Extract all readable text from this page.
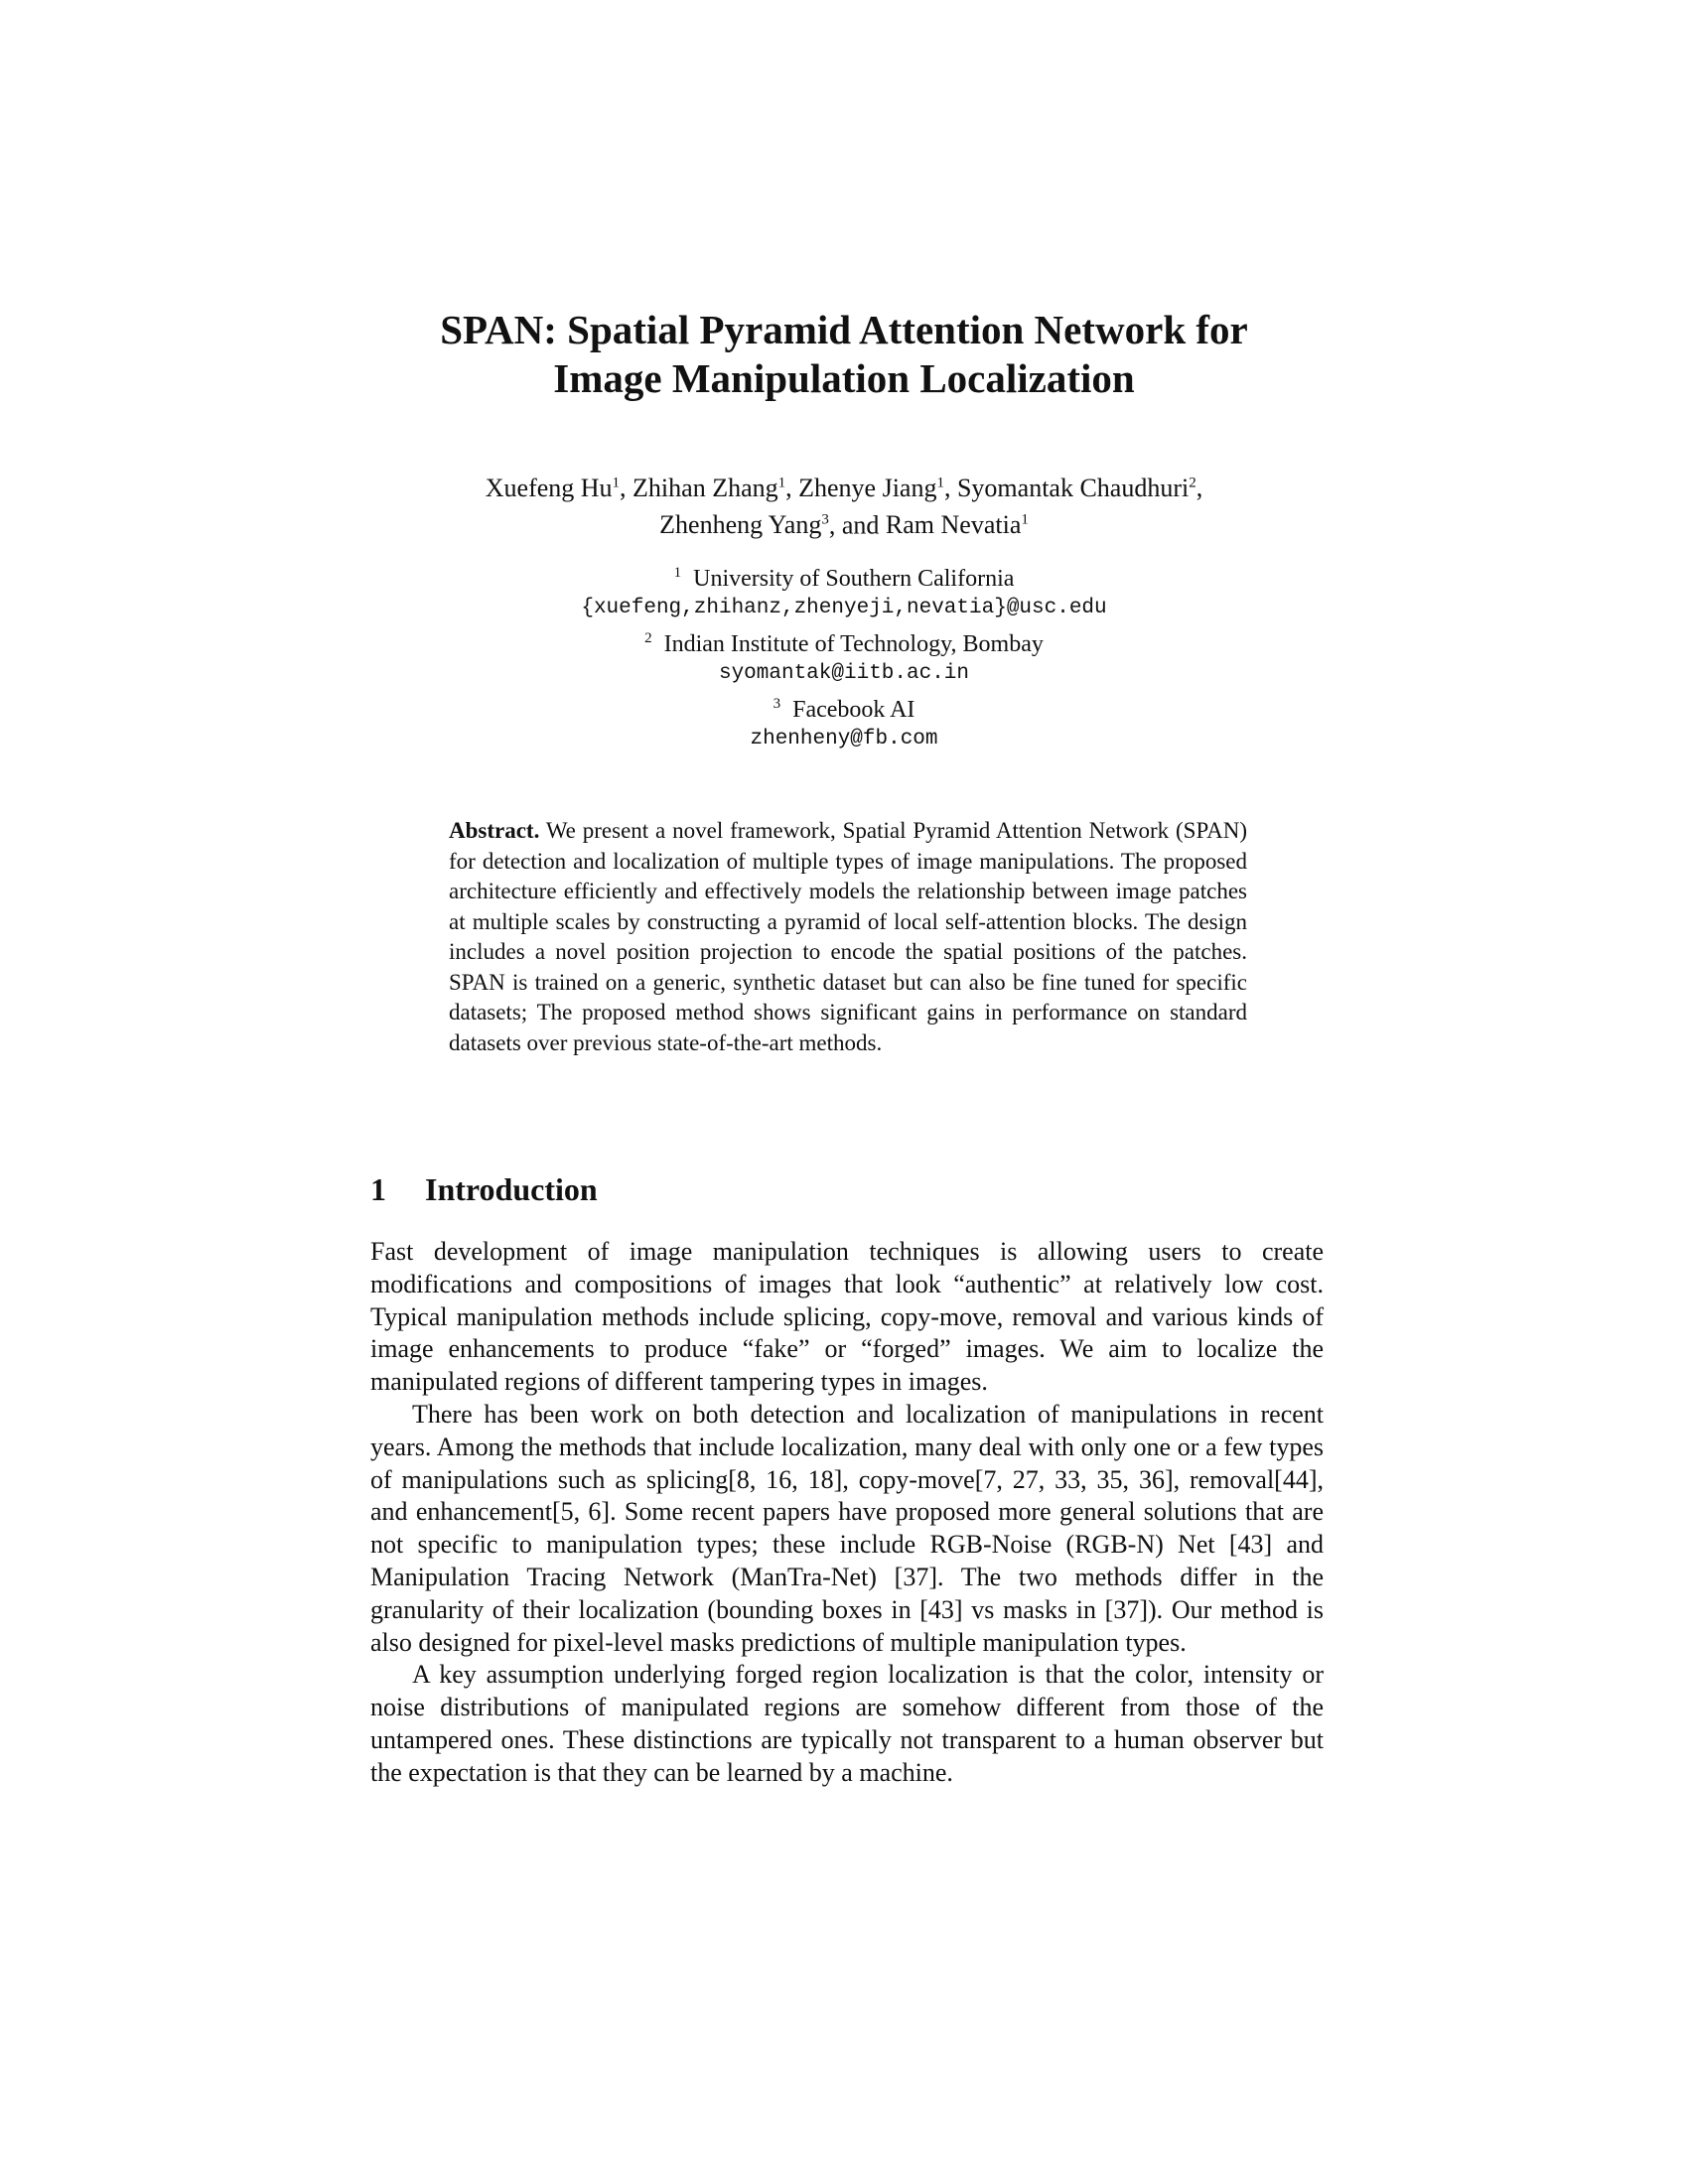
SPAN: Spatial Pyramid Attention Network for
Image Manipulation Localization
Xuefeng Hu$^1$, Zhihan Zhang$^1$, Zhenye Jiang$^1$, Syomantak Chaudhuri$^2$,
Zhenheng Yang$^3$, and Ram Nevatia$^1$
$^1$ University of Southern California
{xuefeng,zhihanz,zhenyeji,nevatia}@usc.edu
$^2$ Indian Institute of Technology, Bombay
syomantak@iitb.ac.in
$^3$ Facebook AI
zhenheny@fb.com

Abstract. We present a novel framework, Spatial Pyramid Attention Network (SPAN) for detection and localization of multiple types of image manipulations. The proposed architecture efficiently and effectively models the relationship between image patches at multiple scales by constructing a pyramid of local self-attention blocks. The design includes a novel position projection to encode the spatial positions of the patches. SPAN is trained on a generic, synthetic dataset but can also be fine tuned for specific datasets; The proposed method shows significant gains in performance on standard datasets over previous state-of-the-art methods.

1 Introduction

Fast development of image manipulation techniques is allowing users to create modifications and compositions of images that look “authentic” at relatively low cost. Typical manipulation methods include splicing, copy-move, removal and various kinds of image enhancements to produce “fake” or “forged” images. We aim to localize the manipulated regions of different tampering types in images.

There has been work on both detection and localization of manipulations in recent years. Among the methods that include localization, many deal with only one or a few types of manipulations such as splicing[8, 16, 18], copy-move[7, 27, 33, 35, 36], removal[44], and enhancement[5, 6]. Some recent papers have proposed more general solutions that are not specific to manipulation types; these include RGB-Noise (RGB-N) Net [43] and Manipulation Tracing Network (ManTra-Net) [37]. The two methods differ in the granularity of their localization (bounding boxes in [43] vs masks in [37]). Our method is also designed for pixel-level masks predictions of multiple manipulation types.

A key assumption underlying forged region localization is that the color, intensity or noise distributions of manipulated regions are somehow different from those of the untampered ones. These distinctions are typically not transparent to a human observer but the expectation is that they can be learned by a machine.
